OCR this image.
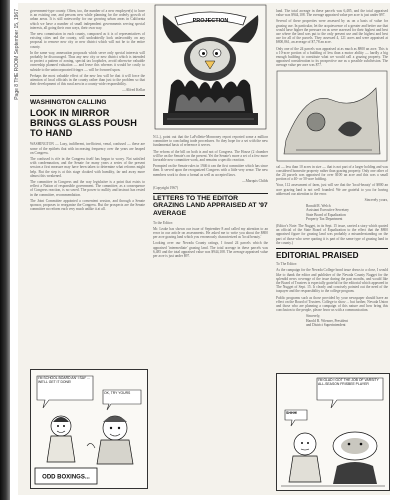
Page 8 THE ROOM September 15, 1967	government-type county. Often, too, the number of a new employee(s) to have is an existing one, and persons new while planning for the orderly growth of urban areas. It is still noteworthy for our growing urban areas in California which we have a number of small independent governments serving special interests, all going their own ways, their own way.

The new commission in each county, composed as it is of representatives of existing cities and the county, will undoubtedly look unfavorably on any proposal to remove new city or new district which will not be to the entire county.

In the same way, annexation proposals which serve only special interests will probably be discouraged. Thus any new city or new district which is intended to protect a pattern of zoning, special tax loopholes, avoid otherwise valuable ownership planned valuation — and leave this whereas it would be costly to subside to the unincorporated fringes — will be frowned upon.

Perhaps the most valuable effect of the new law will be that it will force the attention of local officials in the county rather than just to the problem so that their development of this rural area in a county-wide responsibility.

—Alfred Kellar
WASHINGTON CALLING
LOOK IN MIRROR BRINGS GLASS POUSH TO HAND

WASHINGTON — Lazy, indifferent, inefficient, venal, confused — these are some of the epithets that with increasing frequency over the years are heaped on Congress.

The confused is rife in the Congress itself has begun to worry. Not satisfied with condemnation, and the Senate for many years a series of the present session a first measure may have been taken to determine what reforms might help. But the step is at this stage cloaked with humility, far and away more almost this weakened.

The committee in Congress and the way legislative is a point that exists to reflect a Nation of responsible government. The committee, as a consequence of Congress reaction, is no saved. The power to nullify and instruct has rested in the committee, recommendation.

The Joint Committee appointed a convenient session, and through a Senate sponsor, proposes to reorganize the Congress. But the prospects are the Senate committee no reform each very much unlike it at all.

PROJECTION

N.L.), point out that the LaFollette-Monroney report reported some a million committee to concluding trade procedures. So they hope for a set with the new fundamental basis of reference it serves.

The reform of the bill on both is and not of Congress. The House (2 chamber will be on the Senate's on the present. Yet the Senate's more a set of a few more favorable new committee work, and remains a specific reaction.

Prompted on the Senate rules in 1946 it ran the first committee which has since then. It served upon the reorganized Congress with a little very sense. The new members work to draw a formal as well as accepted laws.

—Marquis Childs
(Copyright 1967)
LETTERS TO THE EDITOR GRAZING LAND APPRAISED AT '97 AVERAGE

To the Editor:

Mr. Leake has shown our issue of September 8 and called my attention to an error in our article on assessments. He asked me to write you about the $800 per acre grazing land which you erroneously characterized as 'local beauty.'

Looking over our Nevada County ratings, I found 24 parcels which the appraised 'intermediate' grazing land. The total acreage in these parcels was 6,485 and the total appraised value was $944,108. The average appraised value per acre is just under $97.

land. The total acreage in these parcels was 6,485, and the total appraised value was $944,108. The average appraised value per acre is just under $97.

Several of these properties were assessed by us on a basis of value for grazing use. In particular, let the acquiescence of a greater and better use that would have higher the pressure on us were assessed for their highest and best use where the land was put to the only present use and the highest and best use for all of the parcels. They assessed 4, 121 acres and were appraised at $800,861, an average of $7,78 an acre.

Only one of the 24 parcels was appraised at as much as $800 an acre. This is a 10-acre portion of a building of less than a motor ability — hardly a big enough building to constitute what we would call a grazing property. The appraised consideration to its prospective use as a possible subdivision. The average value per acre was $77.

cal — less than 10 acres in size — that is not part of a larger holding and was considered homesite property rather than grazing property. Only one other of the 24 parcels was appraised for over $100 an acre and this was a small portion of a 40- or 50-acre holding.

Your, 112 assessment of farm, just will see that the 'local-beauty' of $800 an acre grazing land is not well founded. We are grateful to you for having addressed our attention to the error.

Sincerely yours,

Ronald R. Welch
Assistant Executive Secretary
State Board of Equalization
Property Tax Department

(Editor's Note: The Nugget, in its Sept. 15 issue, carried a story which quoted an official of the State Board of Equalization to the effect that the $800 appraised figure for grazing land was probably a misunderstanding on the part of those who were quoting it is part of the same type of grazing land in the county.)

EDITORIAL PRAISED

To The Editor:

As the campaign for the Nevada College bond issue draws to a close, I would like to thank the editor and publisher of the Nevada County Nugget for the splendid news coverage of the issue during the past months, and would like the Board of Trustees is especially grateful for the editorial which appeared in The Nugget of Sept. 15. It clearly and concisely pointed out the need of the taxpayer and the responsibility to the college program.

Public programs such as those provided by your newspaper should have an effect on the Board of Trustees. College to show ... but further, Nevada Union and those who are planning a campaign of this nature and how bring this conclusion to the people, please favor us with a communication.

Sincerely,
Harold R. Wiesner, President
and District Superintendent
I'M SCHOOL BOARD AN' I SAY ... WE'LL GET IT DONE!
OK, TRY YOURS
ODD BOXINGS...
I'M GLAD I GOT THE JOB OF VARSITY ALL-SEASON FRISBEE PLAYER
SHHH!
